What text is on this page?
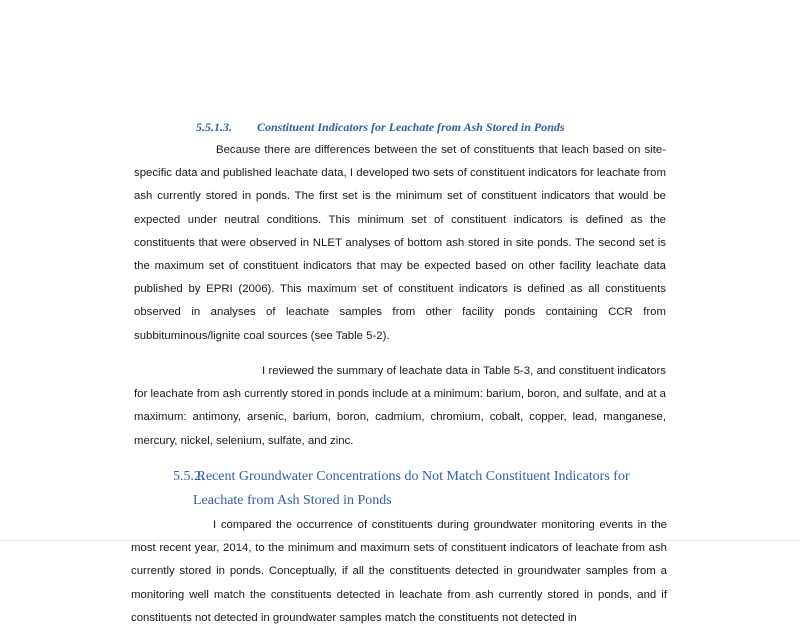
5.5.1.3. Constituent Indicators for Leachate from Ash Stored in Ponds

Because there are differences between the set of constituents that leach based on site-specific data and published leachate data, I developed two sets of constituent indicators for leachate from ash currently stored in ponds. The first set is the minimum set of constituent indicators that would be expected under neutral conditions. This minimum set of constituent indicators is defined as the constituents that were observed in NLET analyses of bottom ash stored in site ponds. The second set is the maximum set of constituent indicators that may be expected based on other facility leachate data published by EPRI (2006). This maximum set of constituent indicators is defined as all constituents observed in analyses of leachate samples from other facility ponds containing CCR from subbituminous/lignite coal sources (see Table 5-2).

I reviewed the summary of leachate data in Table 5-3, and constituent indicators for leachate from ash currently stored in ponds include at a minimum: barium, boron, and sulfate, and at a maximum: antimony, arsenic, barium, boron, cadmium, chromium, cobalt, copper, lead, manganese, mercury, nickel, selenium, sulfate, and zinc.

5.5.2. Recent Groundwater Concentrations do Not Match Constituent Indicators for
Leachate from Ash Stored in Ponds

I compared the occurrence of constituents during groundwater monitoring events in the most recent year, 2014, to the minimum and maximum sets of constituent indicators of leachate from ash currently stored in ponds. Conceptually, if all the constituents detected in groundwater samples from a monitoring well match the constituents detected in leachate from ash currently stored in ponds, and if constituents not detected in groundwater samples match the constituents not detected in
